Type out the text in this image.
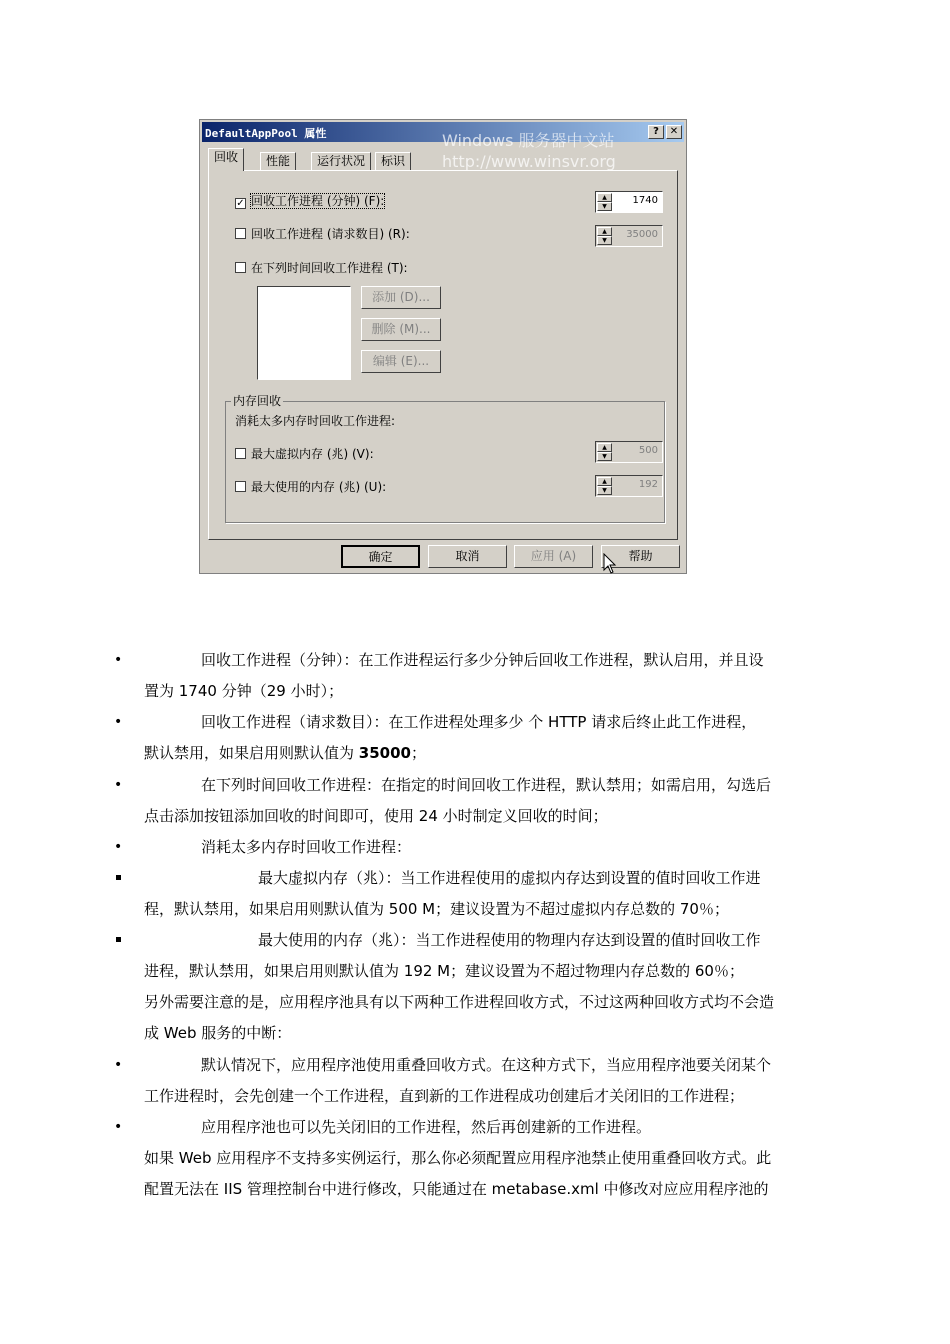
DefaultAppPool 属性	Windows 服务器中文站
http://www.winsvr.org
?	✕
回收	性能	运行状况	标识
✓ 回收工作进程 (分钟) (F):	▲
▼
1740
回收工作进程 (请求数目) (R):	▲
▼
35000
在下列时间回收工作进程 (T):
添加 (D)...
删除 (M)...
编辑 (E)...
内存回收
消耗太多内存时回收工作进程:
最大虚拟内存 (兆) (V):	▲
▼
500
最大使用的内存 (兆) (U):	▲
▼
192
确定	取消	应用 (A)	帮助
•	回收工作进程（分钟）：在工作进程运行多少分钟后回收工作进程，默认启用，并且设
置为 1740 分钟（29 小时）；
•	回收工作进程（请求数目）：在工作进程处理多少 个 HTTP 请求后终止此工作进程，
默认禁用，如果启用则默认值为 35000；
•	在下列时间回收工作进程：在指定的时间回收工作进程，默认禁用；如需启用，勾选后
点击添加按钮添加回收的时间即可，使用 24 小时制定义回收的时间；
•	消耗太多内存时回收工作进程：
最大虚拟内存（兆）：当工作进程使用的虚拟内存达到设置的值时回收工作进
程，默认禁用，如果启用则默认值为 500 M；建议设置为不超过虚拟内存总数的 70％；
最大使用的内存（兆）：当工作进程使用的物理内存达到设置的值时回收工作
进程，默认禁用，如果启用则默认值为 192 M；建议设置为不超过物理内存总数的 60％；
另外需要注意的是，应用程序池具有以下两种工作进程回收方式，不过这两种回收方式均不会造
成 Web 服务的中断：
•	默认情况下，应用程序池使用重叠回收方式。在这种方式下，当应用程序池要关闭某个
工作进程时，会先创建一个工作进程，直到新的工作进程成功创建后才关闭旧的工作进程；
•	应用程序池也可以先关闭旧的工作进程，然后再创建新的工作进程。
如果 Web 应用程序不支持多实例运行，那么你必须配置应用程序池禁止使用重叠回收方式。此
配置无法在 IIS 管理控制台中进行修改，只能通过在 metabase.xml 中修改对应应用程序池的
